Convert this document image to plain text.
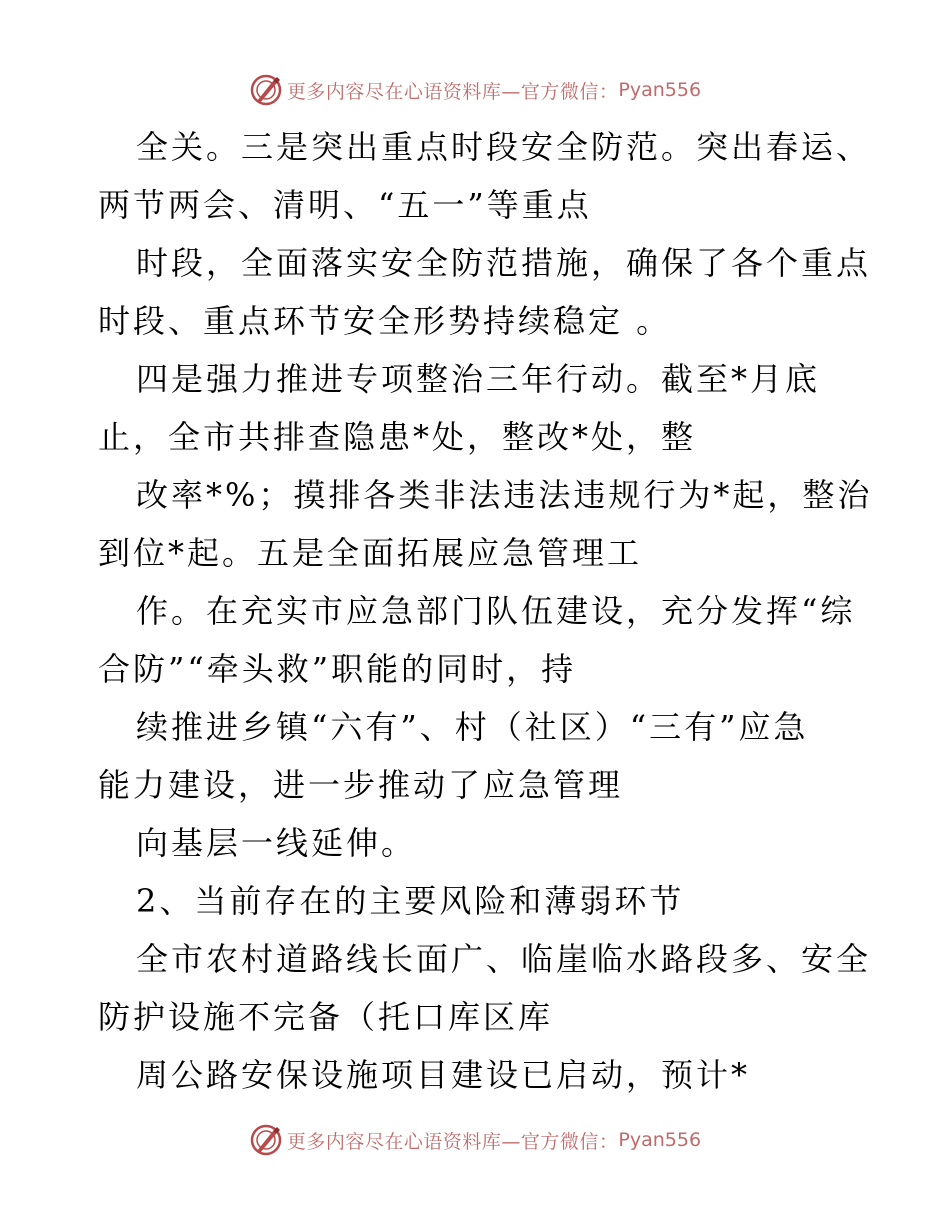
更多内容尽在心语资料库—官方微信： Pyan556
全关。三是突出重点时段安全防范。突出春运、
两节两会、清明、“五一”等重点
时段，全面落实安全防范措施，确保了各个重点
时段、重点环节安全形势持续稳定 。
四是强力推进专项整治三年行动。截至*月底
止，全市共排查隐患*处，整改*处，整
改率*%；摸排各类非法违法违规行为*起，整治
到位*起。五是全面拓展应急管理工
作。在充实市应急部门队伍建设，充分发挥“综
合防”“牵头救”职能的同时，持
续推进乡镇“六有”、村（社区）“三有”应急
能力建设，进一步推动了应急管理
向基层一线延伸。
2、当前存在的主要风险和薄弱环节
全市农村道路线长面广、临崖临水路段多、安全
防护设施不完备（托口库区库
周公路安保设施项目建设已启动，预计*
更多内容尽在心语资料库—官方微信： Pyan556
